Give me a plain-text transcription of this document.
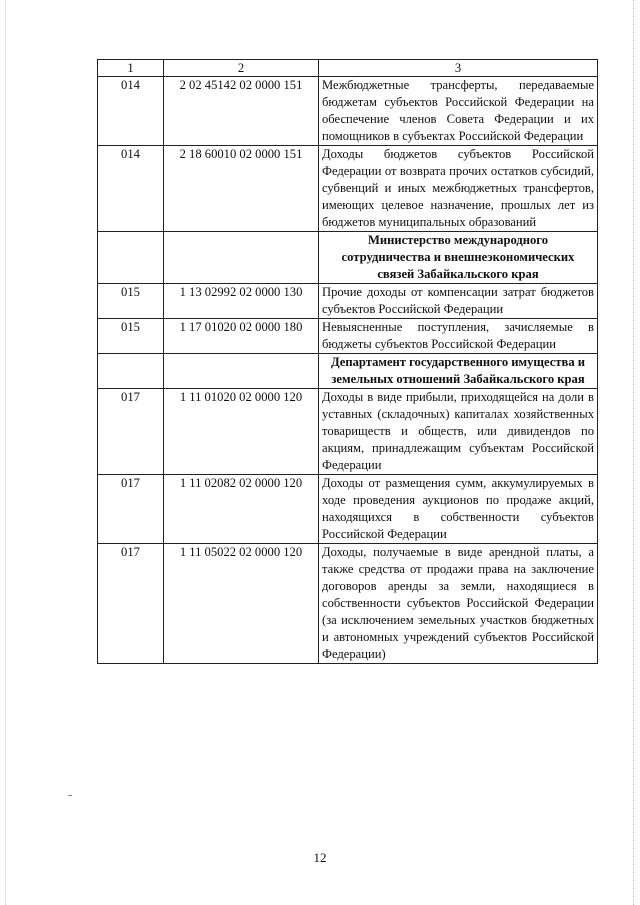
1	2	3
014	2 02 45142 02 0000 151	Межбюджетные трансферты, передаваемые бюджетам субъектов Российской Федерации на обеспечение членов Совета Федерации и их помощников в субъектах Российской Федерации
014	2 18 60010 02 0000 151	Доходы бюджетов субъектов Российской Федерации от возврата прочих остатков субсидий, субвенций и иных межбюджетных трансфертов, имеющих целевое назначение, прошлых лет из бюджетов муниципальных образований
		Министерство международного сотрудничества и внешнеэкономических связей Забайкальского края
015	1 13 02992 02 0000 130	Прочие доходы от компенсации затрат бюджетов субъектов Российской Федерации
015	1 17 01020 02 0000 180	Невыясненные поступления, зачисляемые в бюджеты субъектов Российской Федерации
		Департамент государственного имущества и земельных отношений Забайкальского края
017	1 11 01020 02 0000 120	Доходы в виде прибыли, приходящейся на доли в уставных (складочных) капиталах хозяйственных товариществ и обществ, или дивидендов по акциям, принадлежащим субъектам Российской Федерации
017	1 11 02082 02 0000 120	Доходы от размещения сумм, аккумулируемых в ходе проведения аукционов по продаже акций, находящихся в собственности субъектов Российской Федерации
017	1 11 05022 02 0000 120	Доходы, получаемые в виде арендной платы, а также средства от продажи права на заключение договоров аренды за земли, находящиеся в собственности субъектов Российской Федерации (за исключением земельных участков бюджетных и автономных учреждений субъектов Российской Федерации)
12
